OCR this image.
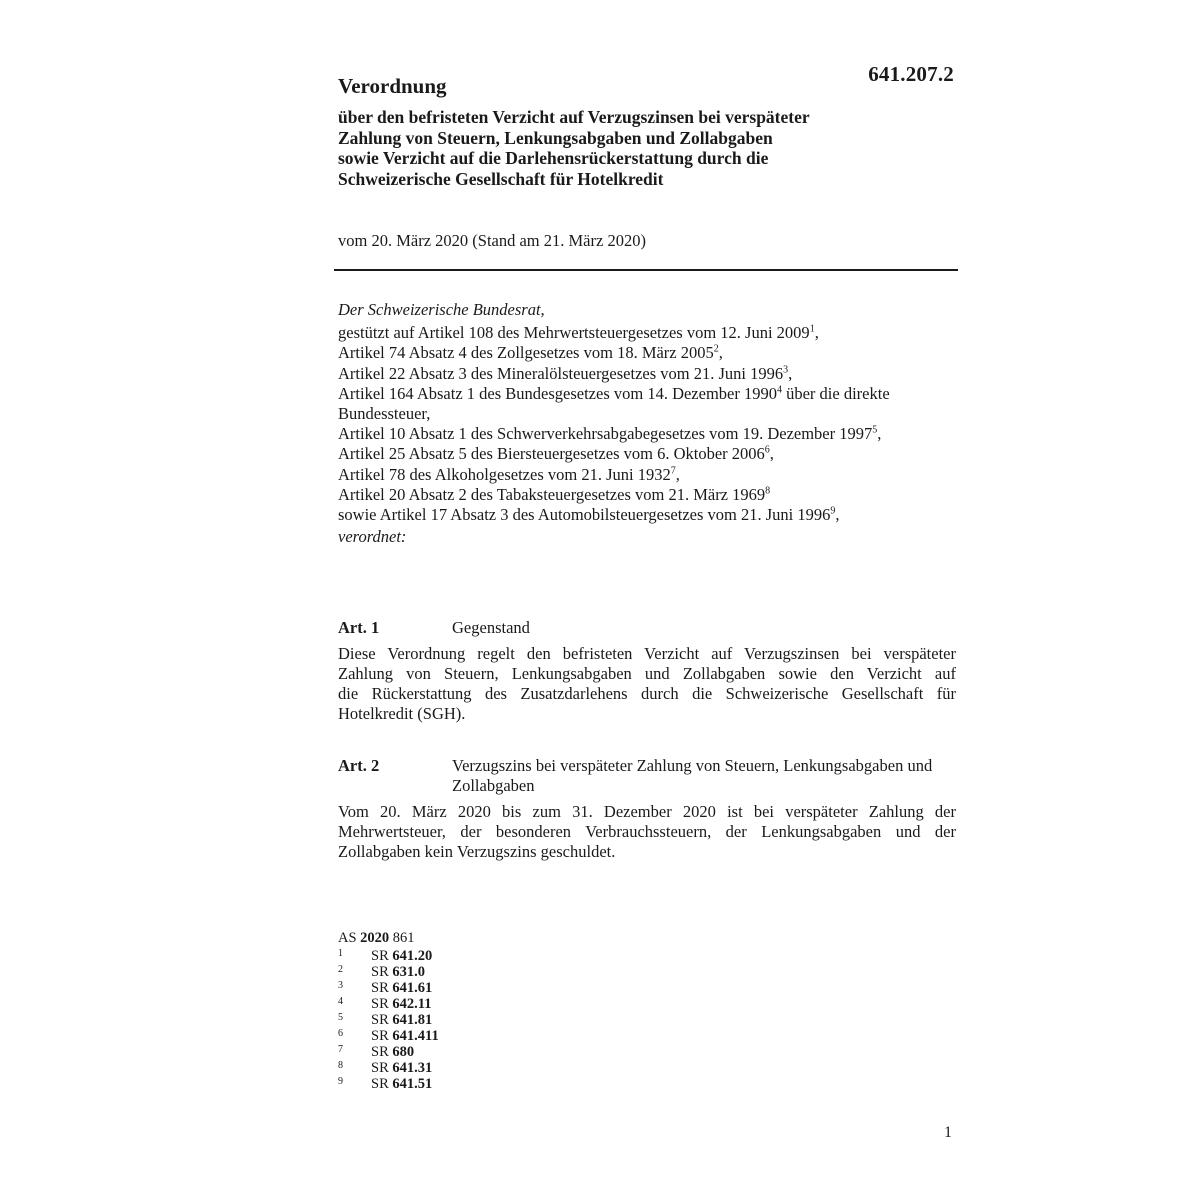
641.207.2
Verordnung
über den befristeten Verzicht auf Verzugszinsen bei verspäteter
Zahlung von Steuern, Lenkungsabgaben und Zollabgaben
sowie Verzicht auf die Darlehensrückerstattung durch die
Schweizerische Gesellschaft für Hotelkredit
vom 20. März 2020 (Stand am 21. März 2020)
Der Schweizerische Bundesrat,
gestützt auf Artikel 108 des Mehrwertsteuergesetzes vom 12. Juni 2009$^1$,
Artikel 74 Absatz 4 des Zollgesetzes vom 18. März 2005$^2$,
Artikel 22 Absatz 3 des Mineralölsteuergesetzes vom 21. Juni 1996$^3$,
Artikel 164 Absatz 1 des Bundesgesetzes vom 14. Dezember 1990$^4$ über die direkte
Bundessteuer,
Artikel 10 Absatz 1 des Schwerverkehrsabgabegesetzes vom 19. Dezember 1997$^5$,
Artikel 25 Absatz 5 des Biersteuergesetzes vom 6. Oktober 2006$^6$,
Artikel 78 des Alkoholgesetzes vom 21. Juni 1932$^7$,
Artikel 20 Absatz 2 des Tabaksteuergesetzes vom 21. März 1969$^8$
sowie Artikel 17 Absatz 3 des Automobilsteuergesetzes vom 21. Juni 1996$^9$,
verordnet:
Art. 1	Gegenstand
Diese Verordnung regelt den befristeten Verzicht auf Verzugszinsen bei verspäteter
Zahlung von Steuern, Lenkungsabgaben und Zollabgaben sowie den Verzicht auf
die Rückerstattung des Zusatzdarlehens durch die Schweizerische Gesellschaft für
Hotelkredit (SGH).
Art. 2	Verzugszins bei verspäteter Zahlung von Steuern, Lenkungsabgaben und Zollabgaben
Vom 20. März 2020 bis zum 31. Dezember 2020 ist bei verspäteter Zahlung der
Mehrwertsteuer, der besonderen Verbrauchssteuern, der Lenkungsabgaben und der
Zollabgaben kein Verzugszins geschuldet.
AS 2020 861
1	SR 641.20
2	SR 631.0
3	SR 641.61
4	SR 642.11
5	SR 641.81
6	SR 641.411
7	SR 680
8	SR 641.31
9	SR 641.51
1
